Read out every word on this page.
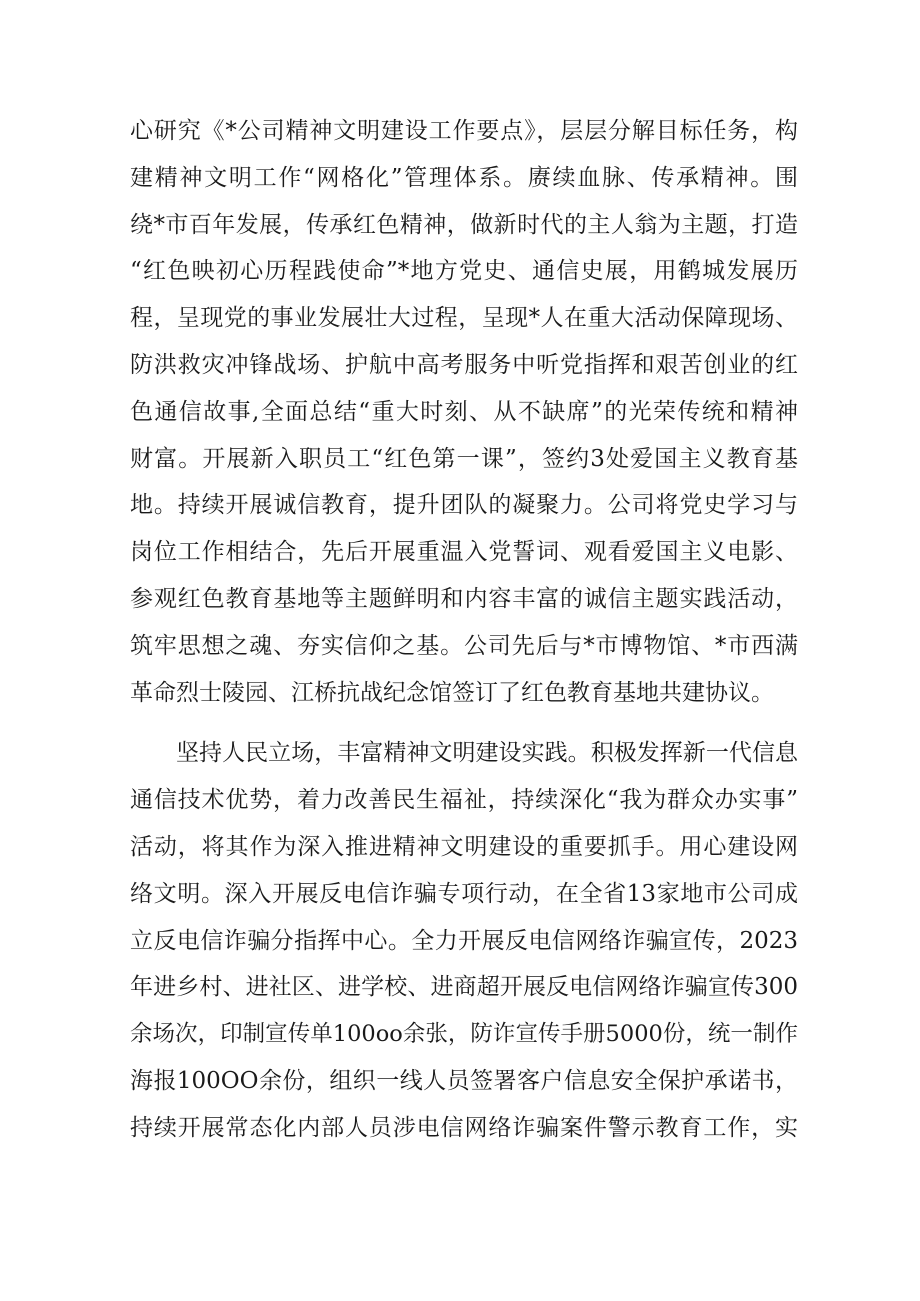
心研究《*公司精神文明建设工作要点》，层层分解目标任务，构
建精神文明工作“网格化”管理体系。赓续血脉、传承精神。围
绕*市百年发展，传承红色精神，做新时代的主人翁为主题，打造
“红色映初心历程践使命”*地方党史、通信史展，用鹤城发展历
程，呈现党的事业发展壮大过程，呈现*人在重大活动保障现场、
防洪救灾冲锋战场、护航中高考服务中听党指挥和艰苦创业的红
色通信故事,全面总结“重大时刻、从不缺席”的光荣传统和精神
财富。开展新入职员工“红色第一课”，签约3处爱国主义教育基
地。持续开展诚信教育，提升团队的凝聚力。公司将党史学习与
岗位工作相结合，先后开展重温入党誓词、观看爱国主义电影、
参观红色教育基地等主题鲜明和内容丰富的诚信主题实践活动，
筑牢思想之魂、夯实信仰之基。公司先后与*市博物馆、*市西满
革命烈士陵园、江桥抗战纪念馆签订了红色教育基地共建协议。
坚持人民立场，丰富精神文明建设实践。积极发挥新一代信息
通信技术优势，着力改善民生福祉，持续深化“我为群众办实事”
活动，将其作为深入推进精神文明建设的重要抓手。用心建设网
络文明。深入开展反电信诈骗专项行动，在全省13家地市公司成
立反电信诈骗分指挥中心。全力开展反电信网络诈骗宣传，2023
年进乡村、进社区、进学校、进商超开展反电信网络诈骗宣传300
余场次，印制宣传单100oo余张，防诈宣传手册5000份，统一制作
海报100OO余份，组织一线人员签署客户信息安全保护承诺书，
持续开展常态化内部人员涉电信网络诈骗案件警示教育工作，实
